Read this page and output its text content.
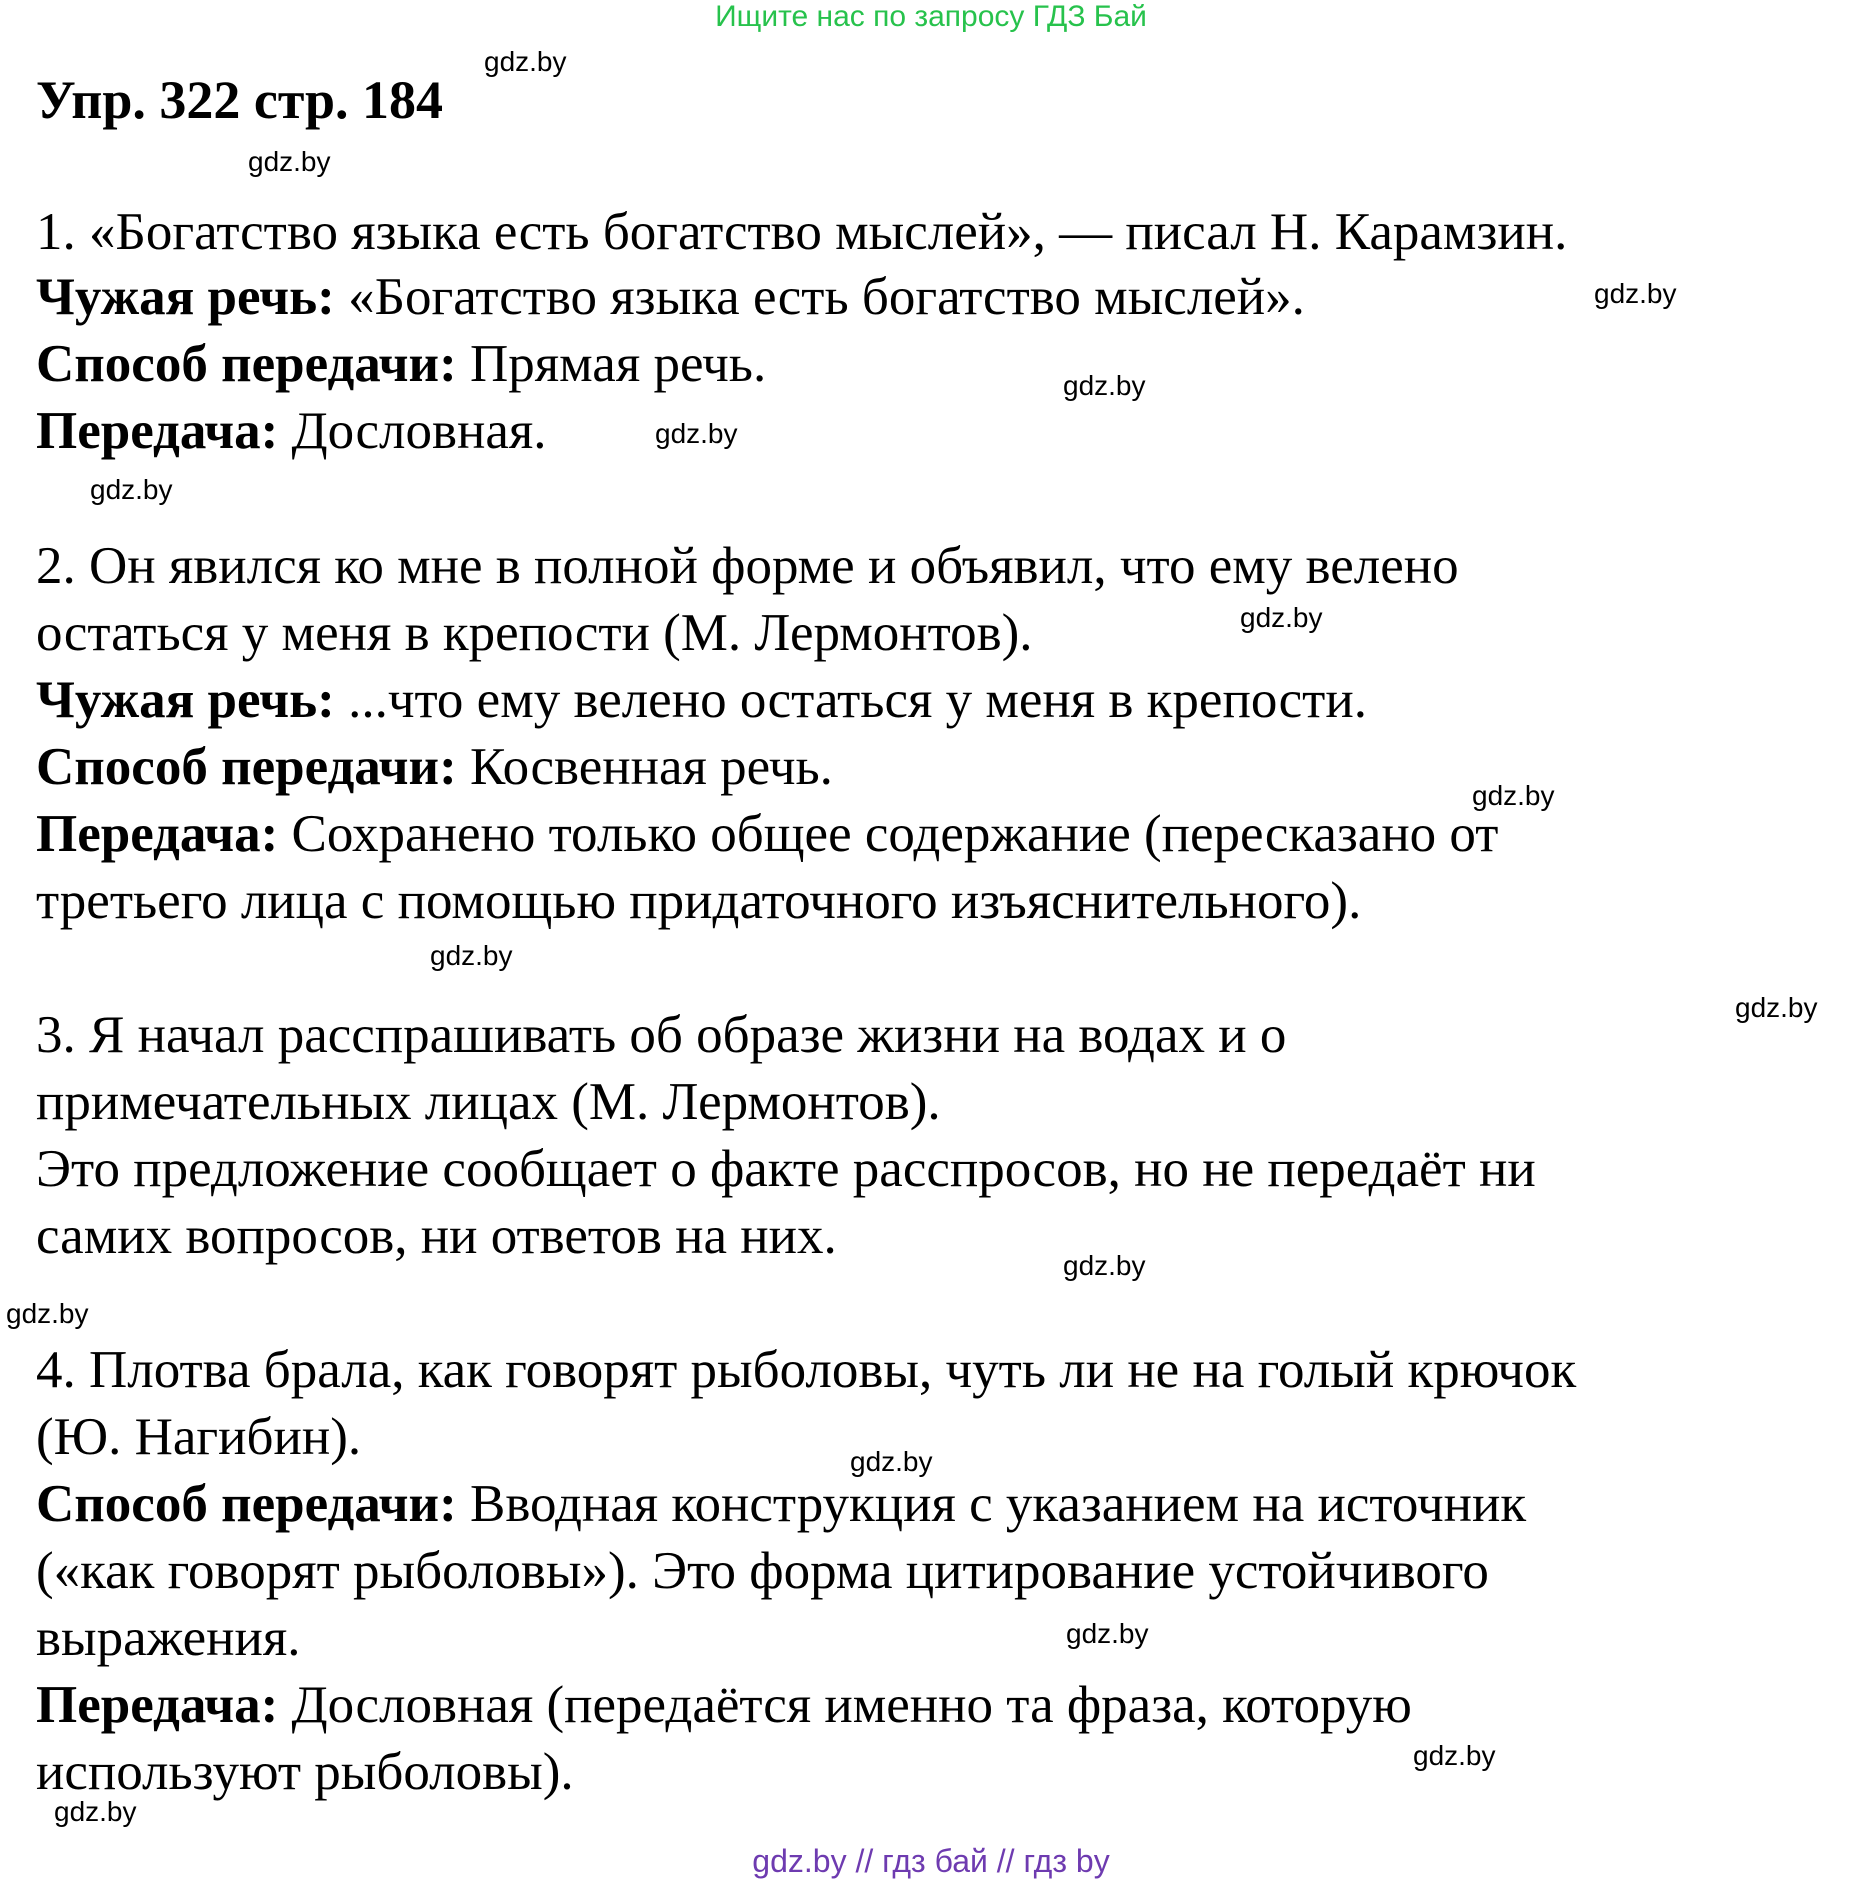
Ищите нас по запросу ГДЗ Бай
Упр. 322 стр. 184
1. «Богатство языка есть богатство мыслей», — писал Н. Карамзин.
Чужая речь: «Богатство языка есть богатство мыслей».
Способ передачи: Прямая речь.
Передача: Дословная.
2. Он явился ко мне в полной форме и объявил, что ему велено
остаться у меня в крепости (М. Лермонтов).
Чужая речь: ...что ему велено остаться у меня в крепости.
Способ передачи: Косвенная речь.
Передача: Сохранено только общее содержание (пересказано от
третьего лица с помощью придаточного изъяснительного).
3. Я начал расспрашивать об образе жизни на водах и о
примечательных лицах (М. Лермонтов).
Это предложение сообщает о факте расспросов, но не передаёт ни
самих вопросов, ни ответов на них.
4. Плотва брала, как говорят рыболовы, чуть ли не на голый крючок
(Ю. Нагибин).
Способ передачи: Вводная конструкция с указанием на источник
(«как говорят рыболовы»). Это форма цитирование устойчивого
выражения.
Передача: Дословная (передаётся именно та фраза, которую
используют рыболовы).
gdz.by
gdz.by
gdz.by
gdz.by
gdz.by
gdz.by
gdz.by
gdz.by
gdz.by
gdz.by
gdz.by
gdz.by
gdz.by
gdz.by
gdz.by
gdz.by
gdz.by // гдз бай // гдз by
